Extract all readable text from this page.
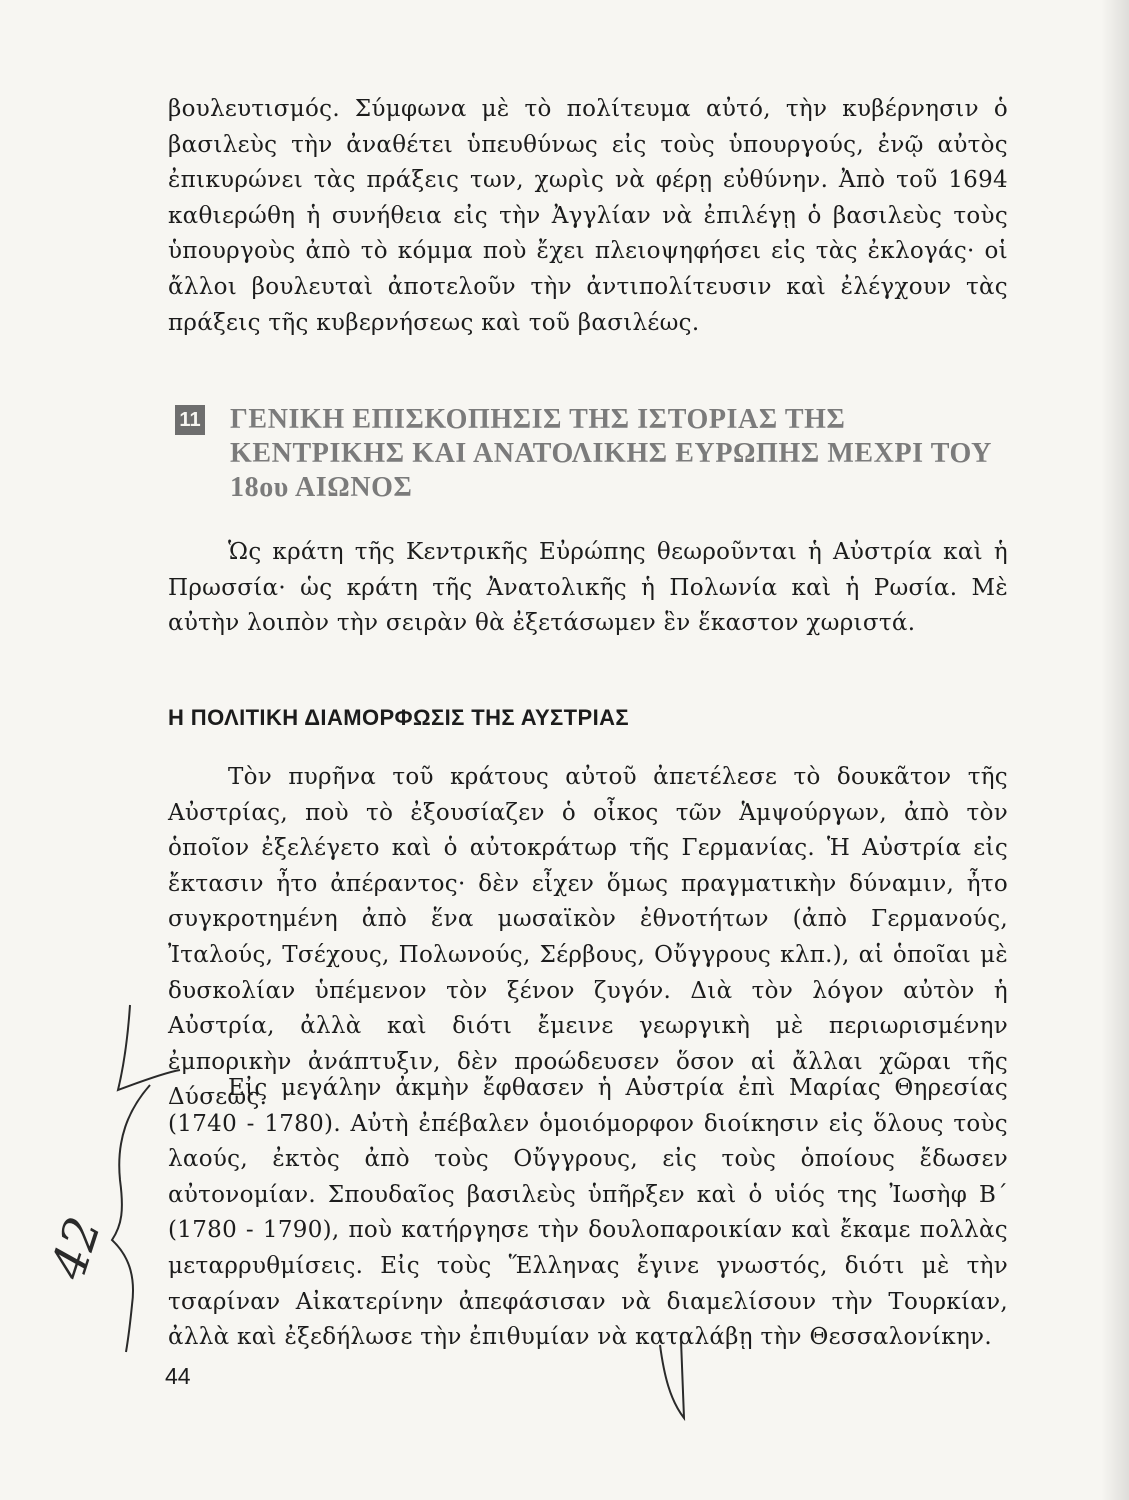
βουλευτισμός. Σύμφωνα μὲ τὸ πολίτευμα αὐτό, τὴν κυβέρνησιν ὁ βασιλεὺς τὴν ἀναθέτει ὑπευθύνως εἰς τοὺς ὑπουργούς, ἐνῷ αὐτὸς ἐπικυρώνει τὰς πράξεις των, χωρὶς νὰ φέρῃ εὐθύνην. Ἀπὸ τοῦ 1694 καθιερώθη ἡ συνήθεια εἰς τὴν Ἀγγλίαν νὰ ἐπιλέγῃ ὁ βασιλεὺς τοὺς ὑπουργοὺς ἀπὸ τὸ κόμμα ποὺ ἔχει πλειοψηφήσει εἰς τὰς ἐκλογάς· οἱ ἄλλοι βουλευταὶ ἀποτελοῦν τὴν ἀντιπολίτευσιν καὶ ἐλέγχουν τὰς πράξεις τῆς κυβερνήσεως καὶ τοῦ βασιλέως.

11 ΓΕΝΙΚΗ ΕΠΙΣΚΟΠΗΣΙΣ ΤΗΣ ΙΣΤΟΡΙΑΣ ΤΗΣ ΚΕΝΤΡΙΚΗΣ ΚΑΙ ΑΝΑΤΟΛΙΚΗΣ ΕΥΡΩΠΗΣ ΜΕΧΡΙ ΤΟΥ 18ου ΑΙΩΝΟΣ

Ὡς κράτη τῆς Κεντρικῆς Εὐρώπης θεωροῦνται ἡ Αὐστρία καὶ ἡ Πρωσσία· ὡς κράτη τῆς Ἀνατολικῆς ἡ Πολωνία καὶ ἡ Ρωσία. Μὲ αὐτὴν λοιπὸν τὴν σειρὰν θὰ ἐξετάσωμεν ἓν ἕκαστον χωριστά.

Η ΠΟΛΙΤΙΚΗ ΔΙΑΜΟΡΦΩΣΙΣ ΤΗΣ ΑΥΣΤΡΙΑΣ

Τὸν πυρῆνα τοῦ κράτους αὐτοῦ ἀπετέλεσε τὸ δουκᾶτον τῆς Αὐστρίας, ποὺ τὸ ἐξουσίαζεν ὁ οἶκος τῶν Ἁμψούργων, ἀπὸ τὸν ὁποῖον ἐξελέγετο καὶ ὁ αὐτοκράτωρ τῆς Γερμανίας. Ἡ Αὐστρία εἰς ἔκτασιν ἦτο ἀπέραντος· δὲν εἶχεν ὅμως πραγματικὴν δύναμιν, ἦτο συγκροτημένη ἀπὸ ἕνα μωσαϊκὸν ἐθνοτήτων (ἀπὸ Γερμανούς, Ἰταλούς, Τσέχους, Πολωνούς, Σέρβους, Οὔγγρους κλπ.), αἱ ὁποῖαι μὲ δυσκολίαν ὑπέμενον τὸν ξένον ζυγόν. Διὰ τὸν λόγον αὐτὸν ἡ Αὐστρία, ἀλλὰ καὶ διότι ἔμεινε γεωργικὴ μὲ περιωρισμένην ἐμπορικὴν ἀνάπτυξιν, δὲν προώδευσεν ὅσον αἱ ἄλλαι χῶραι τῆς Δύσεως.

Εἰς μεγάλην ἀκμὴν ἔφθασεν ἡ Αὐστρία ἐπὶ Μαρίας Θηρεσίας (1740 - 1780). Αὐτὴ ἐπέβαλεν ὁμοιόμορφον διοίκησιν εἰς ὅλους τοὺς λαούς, ἐκτὸς ἀπὸ τοὺς Οὔγγρους, εἰς τοὺς ὁποίους ἔδωσεν αὐτονομίαν. Σπουδαῖος βασιλεὺς ὑπῆρξεν καὶ ὁ υἱός της Ἰωσὴφ Β΄ (1780 - 1790), ποὺ κατήργησε τὴν δουλοπαροικίαν καὶ ἔκαμε πολλὰς μεταρρυθμίσεις. Εἰς τοὺς Ἕλληνας ἔγινε γνωστός, διότι μὲ τὴν τσαρίναν Αἰκατερίνην ἀπεφάσισαν νὰ διαμελίσουν τὴν Τουρκίαν, ἀλλὰ καὶ ἐξεδήλωσε τὴν ἐπιθυμίαν νὰ καταλάβῃ τὴν Θεσσαλονίκην.

44
42
